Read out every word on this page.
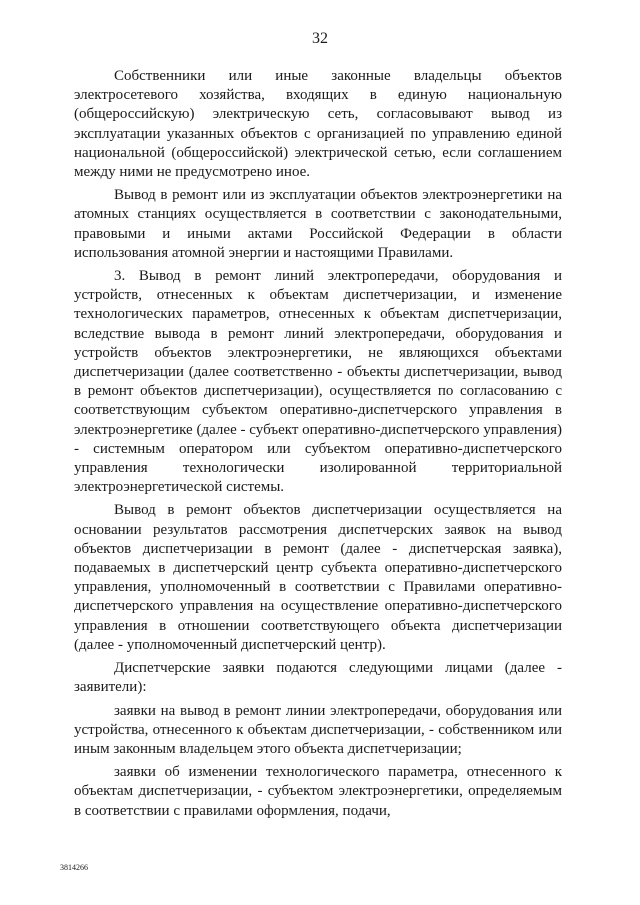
32

Собственники или иные законные владельцы объектов электросетевого хозяйства, входящих в единую национальную (общероссийскую) электрическую сеть, согласовывают вывод из эксплуатации указанных объектов с организацией по управлению единой национальной (общероссийской) электрической сетью, если соглашением между ними не предусмотрено иное.

Вывод в ремонт или из эксплуатации объектов электроэнергетики на атомных станциях осуществляется в соответствии с законодательными, правовыми и иными актами Российской Федерации в области использования атомной энергии и настоящими Правилами.

3. Вывод в ремонт линий электропередачи, оборудования и устройств, отнесенных к объектам диспетчеризации, и изменение технологических параметров, отнесенных к объектам диспетчеризации, вследствие вывода в ремонт линий электропередачи, оборудования и устройств объектов электроэнергетики, не являющихся объектами диспетчеризации (далее соответственно - объекты диспетчеризации, вывод в ремонт объектов диспетчеризации), осуществляется по согласованию с соответствующим субъектом оперативно-диспетчерского управления в электроэнергетике (далее - субъект оперативно-диспетчерского управления) - системным оператором или субъектом оперативно-диспетчерского управления технологически изолированной территориальной электроэнергетической системы.

Вывод в ремонт объектов диспетчеризации осуществляется на основании результатов рассмотрения диспетчерских заявок на вывод объектов диспетчеризации в ремонт (далее - диспетчерская заявка), подаваемых в диспетчерский центр субъекта оперативно-диспетчерского управления, уполномоченный в соответствии с Правилами оперативно-диспетчерского управления на осуществление оперативно-диспетчерского управления в отношении соответствующего объекта диспетчеризации (далее - уполномоченный диспетчерский центр).

Диспетчерские заявки подаются следующими лицами (далее - заявители):

заявки на вывод в ремонт линии электропередачи, оборудования или устройства, отнесенного к объектам диспетчеризации, - собственником или иным законным владельцем этого объекта диспетчеризации;

заявки об изменении технологического параметра, отнесенного к объектам диспетчеризации, - субъектом электроэнергетики, определяемым в соответствии с правилами оформления, подачи,

3814266
